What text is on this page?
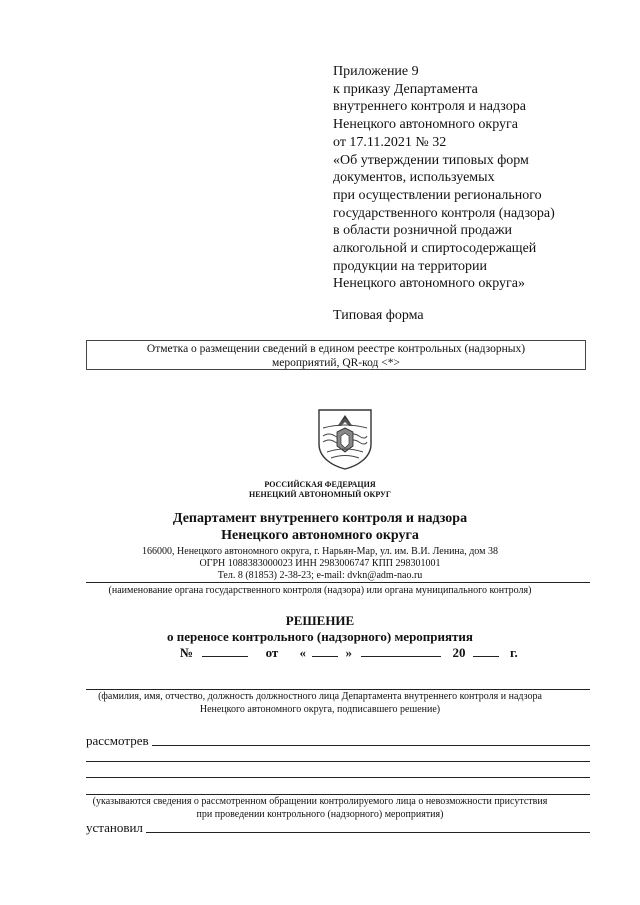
Приложение 9
к приказу Департамента
внутреннего контроля и надзора
Ненецкого автономного округа
от 17.11.2021 № 32
«Об утверждении типовых форм
документов, используемых
при осуществлении регионального
государственного контроля (надзора)
в области розничной продажи
алкогольной и спиртосодержащей
продукции на территории
Ненецкого автономного округа»
Типовая форма
Отметка о размещении сведений в едином реестре контрольных (надзорных)
мероприятий, QR-код <*>
РОССИЙСКАЯ ФЕДЕРАЦИЯ
НЕНЕЦКИЙ АВТОНОМНЫЙ ОКРУГ
Департамент внутреннего контроля и надзора
Ненецкого автономного округа
166000, Ненецкого автономного округа, г. Нарьян-Мар, ул. им. В.И. Ленина, дом 38
ОГРН 1088383000023 ИНН 2983006747 КПП 298301001
Тел. 8 (81853) 2-38-23; e-mail: dvkn@adm-nao.ru
(наименование органа государственного контроля (надзора) или органа муниципального контроля)
РЕШЕНИЕ
о переносе контрольного (надзорного) мероприятия
№	от «	»	20	г.
(фамилия, имя, отчество, должность должностного лица Департамента внутреннего контроля и надзора
Ненецкого автономного округа, подписавшего решение)
рассмотрев
(указываются сведения о рассмотренном обращении контролируемого лица о невозможности присутствия
при проведении контрольного (надзорного) мероприятия)
установил
